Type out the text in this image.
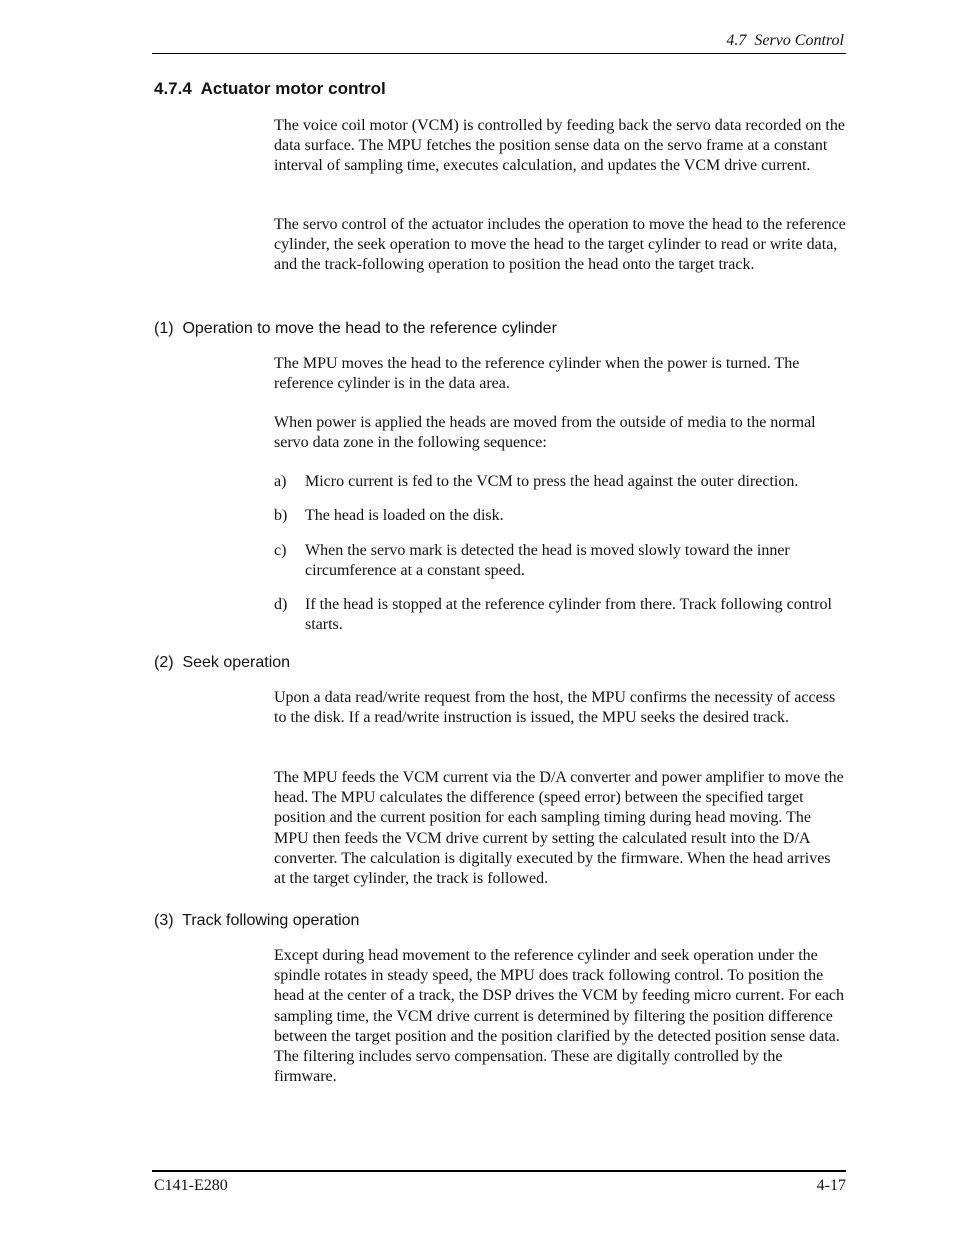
4.7  Servo Control
4.7.4  Actuator motor control

The voice coil motor (VCM) is controlled by feeding back the servo data recorded on the data surface. The MPU fetches the position sense data on the servo frame at a constant interval of sampling time, executes calculation, and updates the VCM drive current.

The servo control of the actuator includes the operation to move the head to the reference cylinder, the seek operation to move the head to the target cylinder to read or write data, and the track-following operation to position the head onto the target track.

(1)  Operation to move the head to the reference cylinder

The MPU moves the head to the reference cylinder when the power is turned. The reference cylinder is in the data area.

When power is applied the heads are moved from the outside of media to the normal servo data zone in the following sequence:

a) Micro current is fed to the VCM to press the head against the outer direction.
b) The head is loaded on the disk.
c) When the servo mark is detected the head is moved slowly toward the inner circumference at a constant speed.
d) If the head is stopped at the reference cylinder from there. Track following control starts.
(2)  Seek operation

Upon a data read/write request from the host, the MPU confirms the necessity of access to the disk. If a read/write instruction is issued, the MPU seeks the desired track.

The MPU feeds the VCM current via the D/A converter and power amplifier to move the head. The MPU calculates the difference (speed error) between the specified target position and the current position for each sampling timing during head moving. The MPU then feeds the VCM drive current by setting the calculated result into the D/A converter. The calculation is digitally executed by the firmware. When the head arrives at the target cylinder, the track is followed.

(3)  Track following operation

Except during head movement to the reference cylinder and seek operation under the spindle rotates in steady speed, the MPU does track following control. To position the head at the center of a track, the DSP drives the VCM by feeding micro current. For each sampling time, the VCM drive current is determined by filtering the position difference between the target position and the position clarified by the detected position sense data. The filtering includes servo compensation. These are digitally controlled by the firmware.

C141-E280	4-17
